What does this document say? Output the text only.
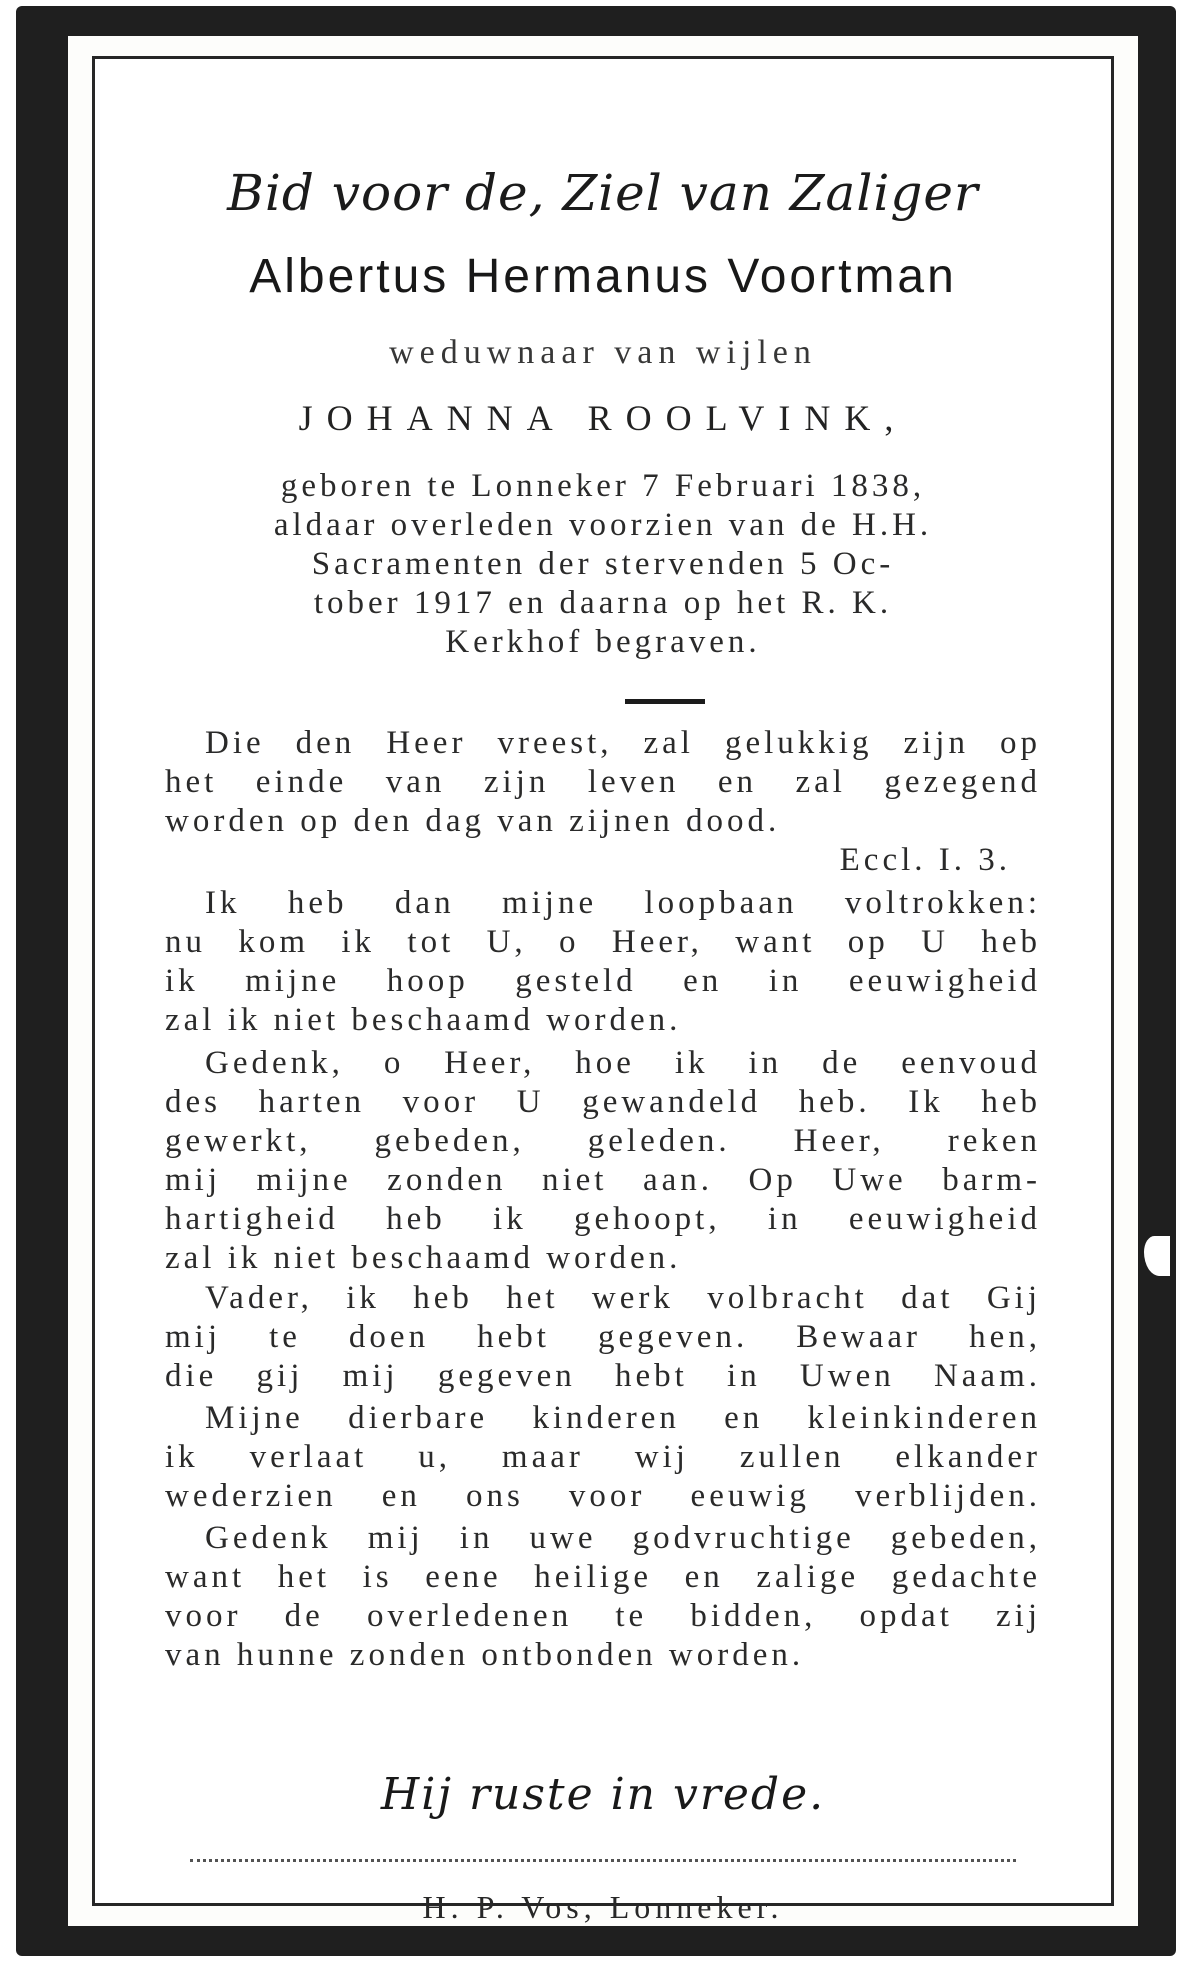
Bid voor de, Ziel van Zaliger
Albertus Hermanus Voortman
weduwnaar van wijlen
JOHANNA ROOLVINK,
geboren te Lonneker 7 Februari 1838,
aldaar overleden voorzien van de H.H.
Sacramenten der stervenden 5 Oc-
tober 1917 en daarna op het R. K.
Kerkhof begraven.
Die den Heer vreest, zal gelukkig zijn op
het einde van zijn leven en zal gezegend
worden op den dag van zijnen dood.
Eccl. I. 3.
Ik heb dan mijne loopbaan voltrokken:
nu kom ik tot U, o Heer, want op U heb
ik mijne hoop gesteld en in eeuwigheid
zal ik niet beschaamd worden.
Gedenk, o Heer, hoe ik in de eenvoud
des harten voor U gewandeld heb. Ik heb
gewerkt, gebeden, geleden. Heer, reken
mij mijne zonden niet aan. Op Uwe barm-
hartigheid heb ik gehoopt, in eeuwigheid
zal ik niet beschaamd worden.
Vader, ik heb het werk volbracht dat Gij
mij te doen hebt gegeven. Bewaar hen,
die gij mij gegeven hebt in Uwen Naam.
Mijne dierbare kinderen en kleinkinderen
ik verlaat u, maar wij zullen elkander
wederzien en ons voor eeuwig verblijden.
Gedenk mij in uwe godvruchtige gebeden,
want het is eene heilige en zalige gedachte
voor de overledenen te bidden, opdat zij
van hunne zonden ontbonden worden.
Hij ruste in vrede.
H. P. Vos, Lonneker.
